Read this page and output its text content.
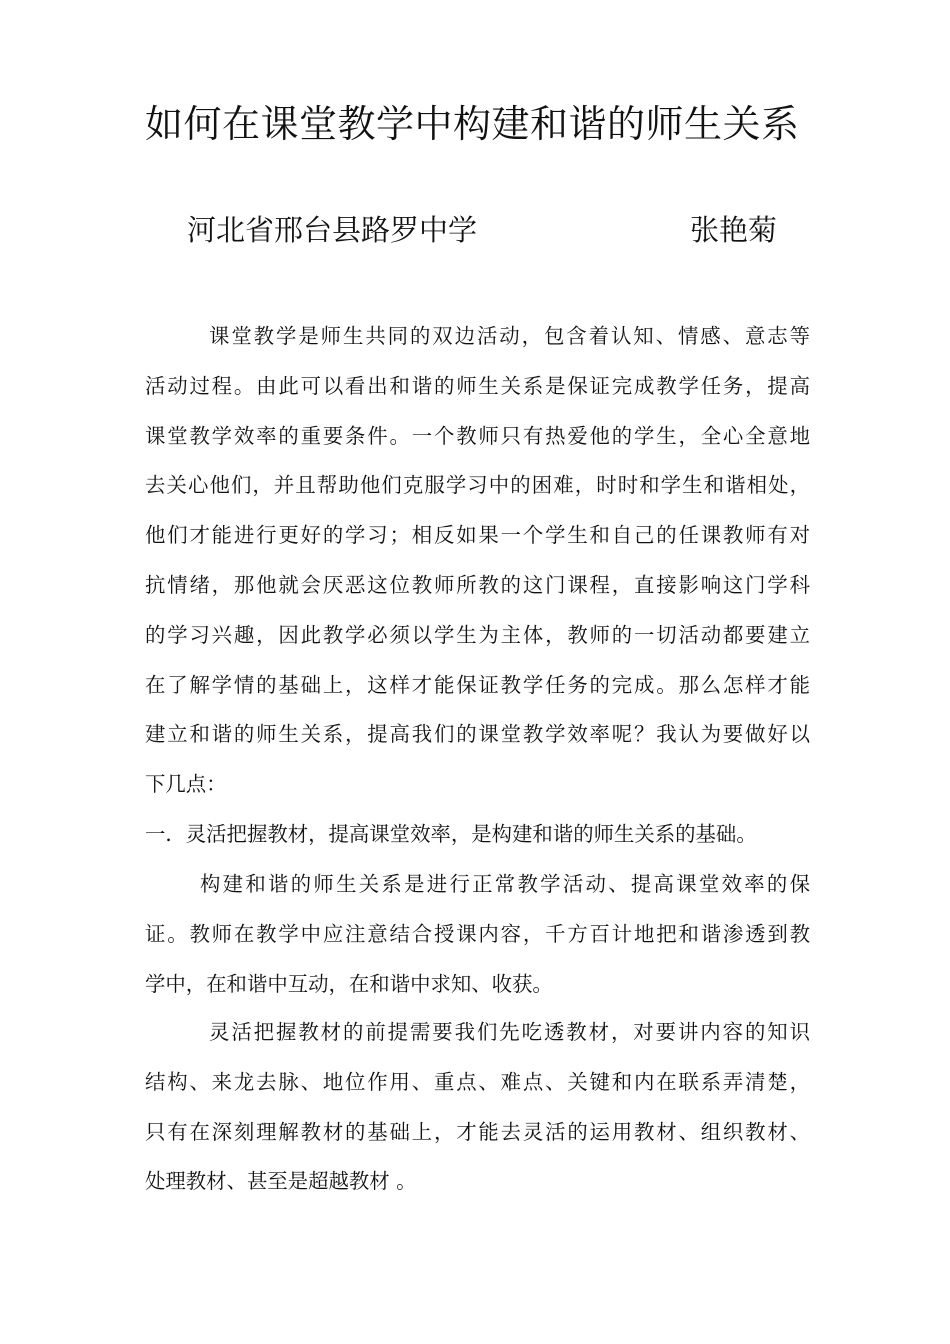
如何在课堂教学中构建和谐的师生关系
河北省邢台县路罗中学	张艳菊
课堂教学是师生共同的双边活动，包含着认知、情感、意志等
活动过程。由此可以看出和谐的师生关系是保证完成教学任务，提高
课堂教学效率的重要条件。一个教师只有热爱他的学生，全心全意地
去关心他们，并且帮助他们克服学习中的困难，时时和学生和谐相处，
他们才能进行更好的学习；相反如果一个学生和自己的任课教师有对
抗情绪，那他就会厌恶这位教师所教的这门课程，直接影响这门学科
的学习兴趣，因此教学必须以学生为主体，教师的一切活动都要建立
在了解学情的基础上，这样才能保证教学任务的完成。那么怎样才能
建立和谐的师生关系，提高我们的课堂教学效率呢？我认为要做好以
下几点：
一．灵活把握教材，提高课堂效率，是构建和谐的师生关系的基础。
构建和谐的师生关系是进行正常教学活动、提高课堂效率的保
证。教师在教学中应注意结合授课内容，千方百计地把和谐渗透到教
学中，在和谐中互动，在和谐中求知、收获。
灵活把握教材的前提需要我们先吃透教材，对要讲内容的知识
结构、来龙去脉、地位作用、重点、难点、关键和内在联系弄清楚，
只有在深刻理解教材的基础上，才能去灵活的运用教材、组织教材、
处理教材、甚至是超越教材 。
